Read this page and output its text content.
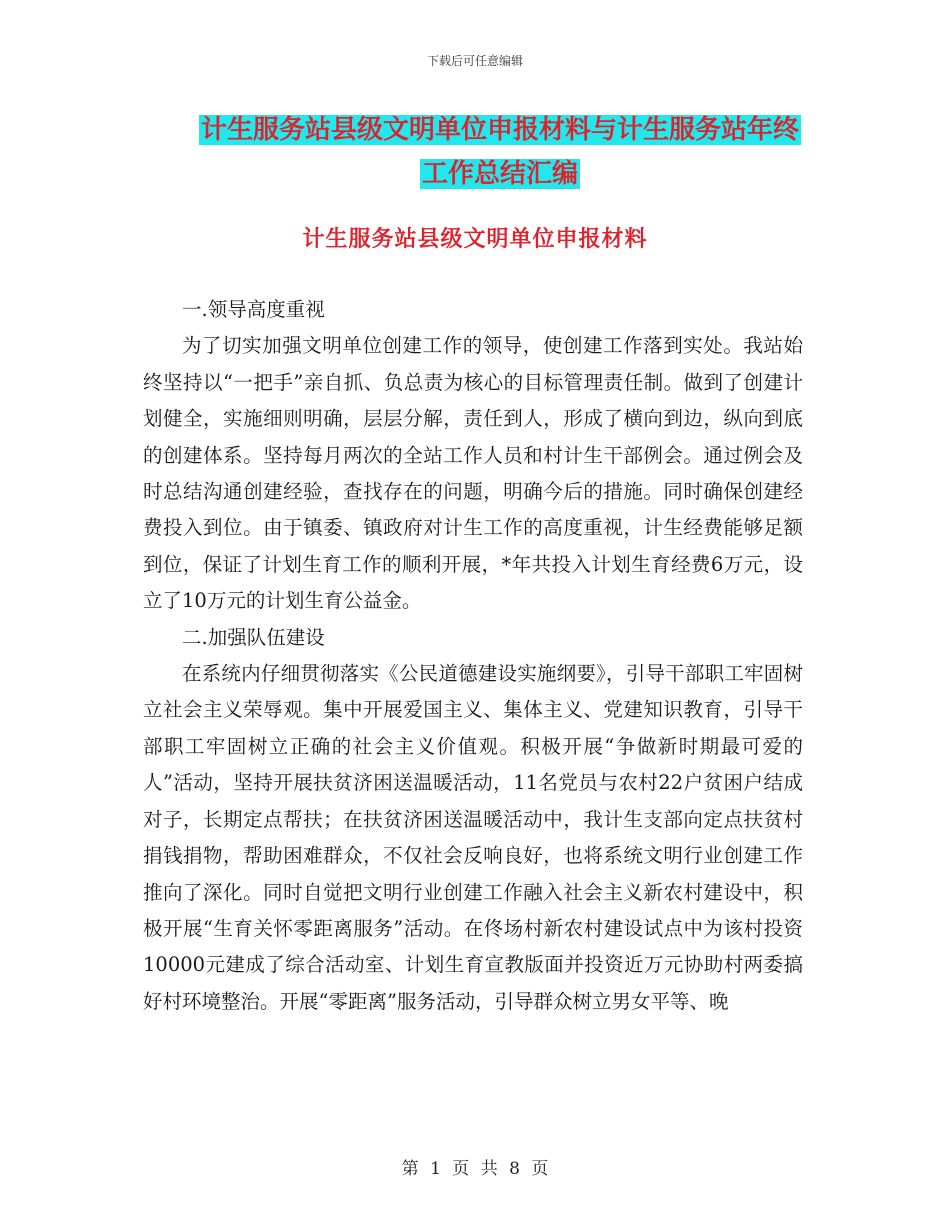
下载后可任意编辑
计生服务站县级文明单位申报材料与计生服务站年终
工作总结汇编
计生服务站县级文明单位申报材料

一.领导高度重视

为了切实加强文明单位创建工作的领导，使创建工作落到实处。我站始终坚持以“一把手”亲自抓、负总责为核心的目标管理责任制。做到了创建计划健全，实施细则明确，层层分解，责任到人，形成了横向到边，纵向到底的创建体系。坚持每月两次的全站工作人员和村计生干部例会。通过例会及时总结沟通创建经验，查找存在的问题，明确今后的措施。同时确保创建经费投入到位。由于镇委、镇政府对计生工作的高度重视，计生经费能够足额到位，保证了计划生育工作的顺利开展，*年共投入计划生育经费6万元，设立了10万元的计划生育公益金。

二.加强队伍建设

在系统内仔细贯彻落实《公民道德建设实施纲要》，引导干部职工牢固树立社会主义荣辱观。集中开展爱国主义、集体主义、党建知识教育，引导干部职工牢固树立正确的社会主义价值观。积极开展“争做新时期最可爱的人”活动，坚持开展扶贫济困送温暖活动，11名党员与农村22户贫困户结成对子，长期定点帮扶；在扶贫济困送温暖活动中，我计生支部向定点扶贫村捐钱捐物，帮助困难群众，不仅社会反响良好，也将系统文明行业创建工作推向了深化。同时自觉把文明行业创建工作融入社会主义新农村建设中，积极开展“生育关怀零距离服务”活动。在佟场村新农村建设试点中为该村投资10000元建成了综合活动室、计划生育宣教版面并投资近万元协助村两委搞好村环境整治。开展“零距离”服务活动，引导群众树立男女平等、晚

第 1 页 共 8 页
